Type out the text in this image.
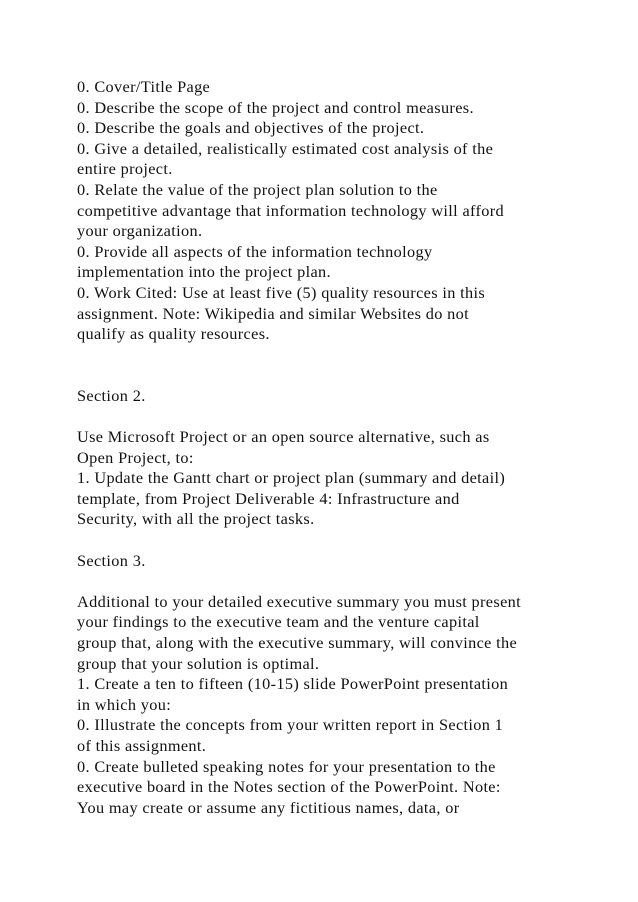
0. Cover/Title Page
0. Describe the scope of the project and control measures.
0. Describe the goals and objectives of the project.
0. Give a detailed, realistically estimated cost analysis of the
entire project.
0. Relate the value of the project plan solution to the
competitive advantage that information technology will afford
your organization.
0. Provide all aspects of the information technology
implementation into the project plan.
0. Work Cited: Use at least five (5) quality resources in this
assignment. Note: Wikipedia and similar Websites do not
qualify as quality resources.
Section 2.
Use Microsoft Project or an open source alternative, such as
Open Project, to:
1. Update the Gantt chart or project plan (summary and detail)
template, from Project Deliverable 4: Infrastructure and
Security, with all the project tasks.
Section 3.
Additional to your detailed executive summary you must present
your findings to the executive team and the venture capital
group that, along with the executive summary, will convince the
group that your solution is optimal.
1. Create a ten to fifteen (10-15) slide PowerPoint presentation
in which you:
0. Illustrate the concepts from your written report in Section 1
of this assignment.
0. Create bulleted speaking notes for your presentation to the
executive board in the Notes section of the PowerPoint. Note:
You may create or assume any fictitious names, data, or
